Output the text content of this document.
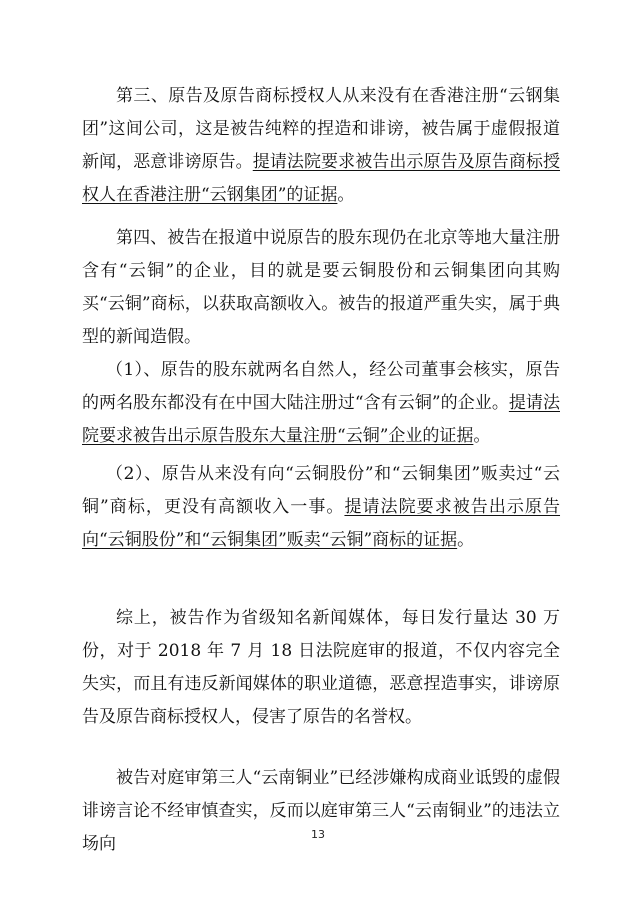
第三、原告及原告商标授权人从来没有在香港注册“云钢集团”这间公司，这是被告纯粹的捏造和诽谤，被告属于虚假报道新闻，恶意诽谤原告。提请法院要求被告出示原告及原告商标授权人在香港注册“云钢集团”的证据。

第四、被告在报道中说原告的股东现仍在北京等地大量注册含有“云铜”的企业，目的就是要云铜股份和云铜集团向其购买“云铜”商标，以获取高额收入。被告的报道严重失实，属于典型的新闻造假。

（1）、原告的股东就两名自然人，经公司董事会核实，原告的两名股东都没有在中国大陆注册过“含有云铜”的企业。提请法院要求被告出示原告股东大量注册“云铜”企业的证据。

（2）、原告从来没有向“云铜股份”和“云铜集团”贩卖过“云铜”商标，更没有高额收入一事。提请法院要求被告出示原告向“云铜股份”和“云铜集团”贩卖“云铜”商标的证据。

综上，被告作为省级知名新闻媒体，每日发行量达 30 万份，对于 2018 年 7 月 18 日法院庭审的报道，不仅内容完全失实，而且有违反新闻媒体的职业道德，恶意捏造事实，诽谤原告及原告商标授权人，侵害了原告的名誉权。

被告对庭审第三人“云南铜业”已经涉嫌构成商业诋毁的虚假诽谤言论不经审慎查实，反而以庭审第三人“云南铜业”的违法立场向	13
